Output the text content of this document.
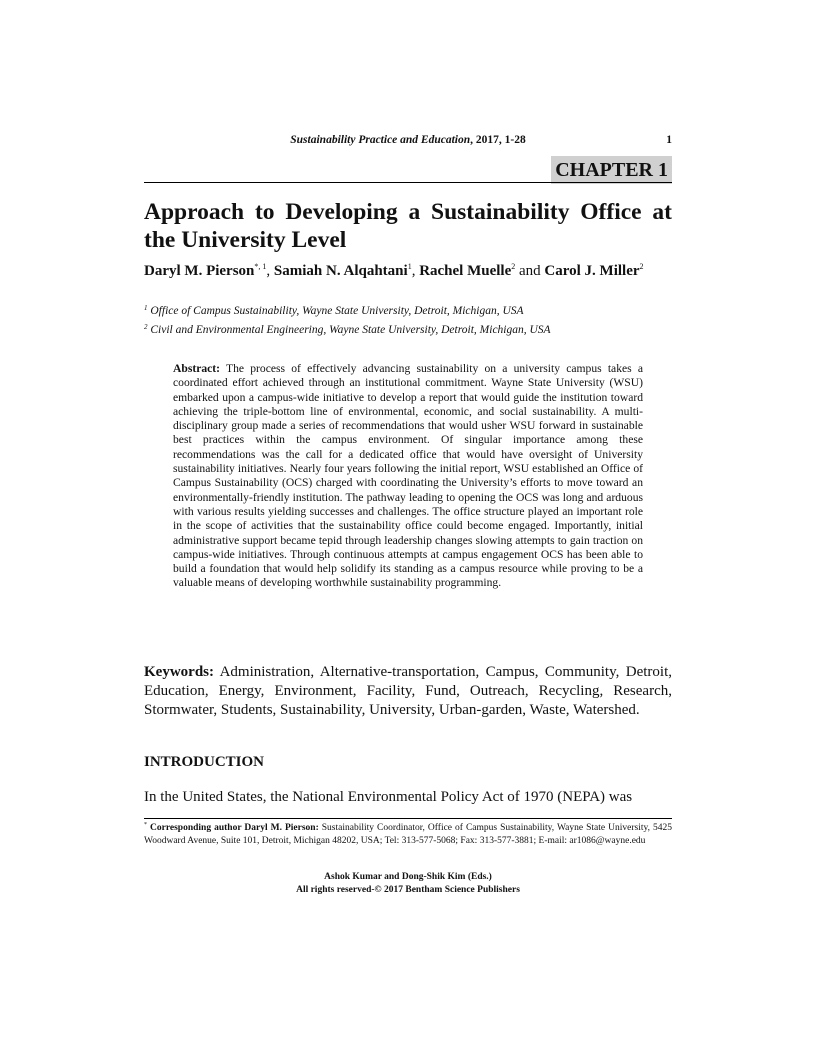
Sustainability Practice and Education, 2017, 1-28	1
CHAPTER 1
Approach to Developing a Sustainability Office at the University Level
Daryl M. Pierson$^{*, 1}$, Samiah N. Alqahtani$^1$, Rachel Muelle$^2$ and Carol J. Miller$^2$
$^1$ Office of Campus Sustainability, Wayne State University, Detroit, Michigan, USA
$^2$ Civil and Environmental Engineering, Wayne State University, Detroit, Michigan, USA
Abstract: The process of effectively advancing sustainability on a university campus takes a coordinated effort achieved through an institutional commitment. Wayne State University (WSU) embarked upon a campus-wide initiative to develop a report that would guide the institution toward achieving the triple-bottom line of environmental, economic, and social sustainability. A multi-disciplinary group made a series of recommendations that would usher WSU forward in sustainable best practices within the campus environment. Of singular importance among these recommendations was the call for a dedicated office that would have oversight of University sustainability initiatives. Nearly four years following the initial report, WSU established an Office of Campus Sustainability (OCS) charged with coordinating the University’s efforts to move toward an environmentally-friendly institution. The pathway leading to opening the OCS was long and arduous with various results yielding successes and challenges. The office structure played an important role in the scope of activities that the sustainability office could become engaged. Importantly, initial administrative support became tepid through leadership changes slowing attempts to gain traction on campus-wide initiatives. Through continuous attempts at campus engagement OCS has been able to build a foundation that would help solidify its standing as a campus resource while proving to be a valuable means of developing worthwhile sustainability programming.
Keywords: Administration, Alternative-transportation, Campus, Community, Detroit, Education, Energy, Environment, Facility, Fund, Outreach, Recycling, Research, Stormwater, Students, Sustainability, University, Urban-garden, Waste, Watershed.
INTRODUCTION
In the United States, the National Environmental Policy Act of 1970 (NEPA) was
* Corresponding author Daryl M. Pierson: Sustainability Coordinator, Office of Campus Sustainability, Wayne State University, 5425 Woodward Avenue, Suite 101, Detroit, Michigan 48202, USA; Tel: 313-577-5068; Fax: 313-577-3881; E-mail: ar1086@wayne.edu
Ashok Kumar and Dong-Shik Kim (Eds.)
All rights reserved-© 2017 Bentham Science Publishers
